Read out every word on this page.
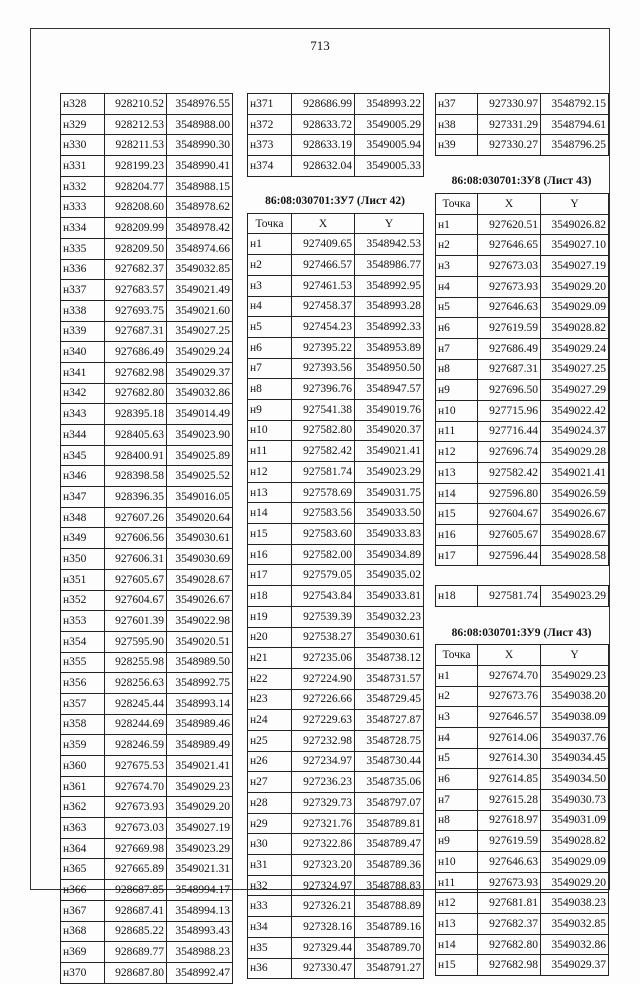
713
н328	928210.52	3548976.55
н329	928212.53	3548988.00
н330	928211.53	3548990.30
н331	928199.23	3548990.41
н332	928204.77	3548988.15
н333	928208.60	3548978.62
н334	928209.99	3548978.42
н335	928209.50	3548974.66
н336	927682.37	3549032.85
н337	927683.57	3549021.49
н338	927693.75	3549021.60
н339	927687.31	3549027.25
н340	927686.49	3549029.24
н341	927682.98	3549029.37
н342	927682.80	3549032.86
н343	928395.18	3549014.49
н344	928405.63	3549023.90
н345	928400.91	3549025.89
н346	928398.58	3549025.52
н347	928396.35	3549016.05
н348	927607.26	3549020.64
н349	927606.56	3549030.61
н350	927606.31	3549030.69
н351	927605.67	3549028.67
н352	927604.67	3549026.67
н353	927601.39	3549022.98
н354	927595.90	3549020.51
н355	928255.98	3548989.50
н356	928256.63	3548992.75
н357	928245.44	3548993.14
н358	928244.69	3548989.46
н359	928246.59	3548989.49
н360	927675.53	3549021.41
н361	927674.70	3549029.23
н362	927673.93	3549029.20
н363	927673.03	3549027.19
н364	927669.98	3549023.29
н365	927665.89	3549021.31
н366	928687.85	3548994.17
н367	928687.41	3548994.13
н368	928685.22	3548993.43
н369	928689.77	3548988.23
н370	928687.80	3548992.47
н371	928686.99	3548993.22
н372	928633.72	3549005.29
н373	928633.19	3549005.94
н374	928632.04	3549005.33
86:08:030701:ЗУ7 (Лист 42)
Точка	X	Y
н1	927409.65	3548942.53
н2	927466.57	3548986.77
н3	927461.53	3548992.95
н4	927458.37	3548993.28
н5	927454.23	3548992.33
н6	927395.22	3548953.89
н7	927393.56	3548950.50
н8	927396.76	3548947.57
н9	927541.38	3549019.76
н10	927582.80	3549020.37
н11	927582.42	3549021.41
н12	927581.74	3549023.29
н13	927578.69	3549031.75
н14	927583.56	3549033.50
н15	927583.60	3549033.83
н16	927582.00	3549034.89
н17	927579.05	3549035.02
н18	927543.84	3549033.81
н19	927539.39	3549032.23
н20	927538.27	3549030.61
н21	927235.06	3548738.12
н22	927224.90	3548731.57
н23	927226.66	3548729.45
н24	927229.63	3548727.87
н25	927232.98	3548728.75
н26	927234.97	3548730.44
н27	927236.23	3548735.06
н28	927329.73	3548797.07
н29	927321.76	3548789.81
н30	927322.86	3548789.47
н31	927323.20	3548789.36
н32	927324.97	3548788.83
н33	927326.21	3548788.89
н34	927328.16	3548789.16
н35	927329.44	3548789.70
н36	927330.47	3548791.27
н37	927330.97	3548792.15
н38	927331.29	3548794.61
н39	927330.27	3548796.25
86:08:030701:ЗУ8 (Лист 43)
Точка	X	Y
н1	927620.51	3549026.82
н2	927646.65	3549027.10
н3	927673.03	3549027.19
н4	927673.93	3549029.20
н5	927646.63	3549029.09
н6	927619.59	3549028.82
н7	927686.49	3549029.24
н8	927687.31	3549027.25
н9	927696.50	3549027.29
н10	927715.96	3549022.42
н11	927716.44	3549024.37
н12	927696.74	3549029.28
н13	927582.42	3549021.41
н14	927596.80	3549026.59
н15	927604.67	3549026.67
н16	927605.67	3549028.67
н17	927596.44	3549028.58
н18	927581.74	3549023.29
86:08:030701:ЗУ9 (Лист 43)
Точка	X	Y
н1	927674.70	3549029.23
н2	927673.76	3549038.20
н3	927646.57	3549038.09
н4	927614.06	3549037.76
н5	927614.30	3549034.45
н6	927614.85	3549034.50
н7	927615.28	3549030.73
н8	927618.97	3549031.09
н9	927619.59	3549028.82
н10	927646.63	3549029.09
н11	927673.93	3549029.20
н12	927681.81	3549038.23
н13	927682.37	3549032.85
н14	927682.80	3549032.86
н15	927682.98	3549029.37
